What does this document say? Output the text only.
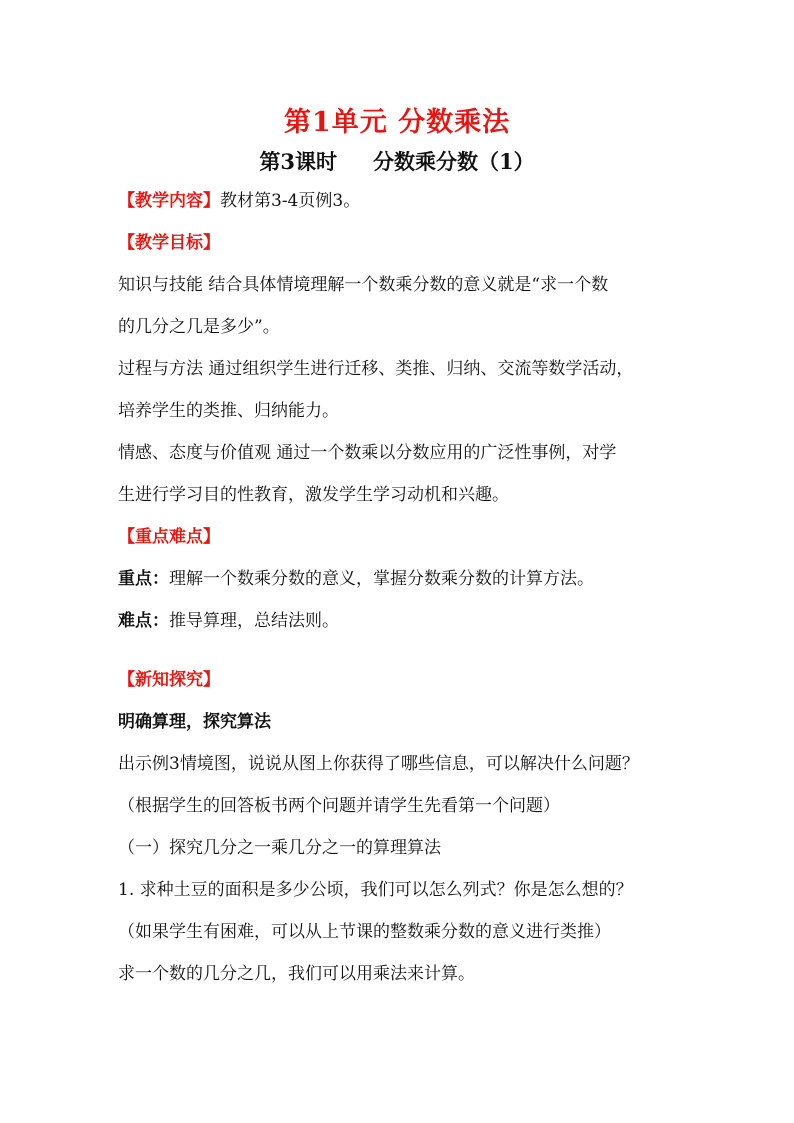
第1单元 分数乘法
第3课时 分数乘分数（1）
【教学内容】教材第3-4页例3。
【教学目标】
知识与技能 结合具体情境理解一个数乘分数的意义就是“求一个数
的几分之几是多少”。
过程与方法 通过组织学生进行迁移、类推、归纳、交流等数学活动，
培养学生的类推、归纳能力。
情感、态度与价值观 通过一个数乘以分数应用的广泛性事例，对学
生进行学习目的性教育，激发学生学习动机和兴趣。
【重点难点】
重点：理解一个数乘分数的意义，掌握分数乘分数的计算方法。
难点：推导算理，总结法则。
【新知探究】
明确算理，探究算法
出示例3情境图，说说从图上你获得了哪些信息，可以解决什么问题？
（根据学生的回答板书两个问题并请学生先看第一个问题）
（一）探究几分之一乘几分之一的算理算法
1. 求种土豆的面积是多少公顷，我们可以怎么列式？你是怎么想的？
（如果学生有困难，可以从上节课的整数乘分数的意义进行类推）
求一个数的几分之几，我们可以用乘法来计算。
